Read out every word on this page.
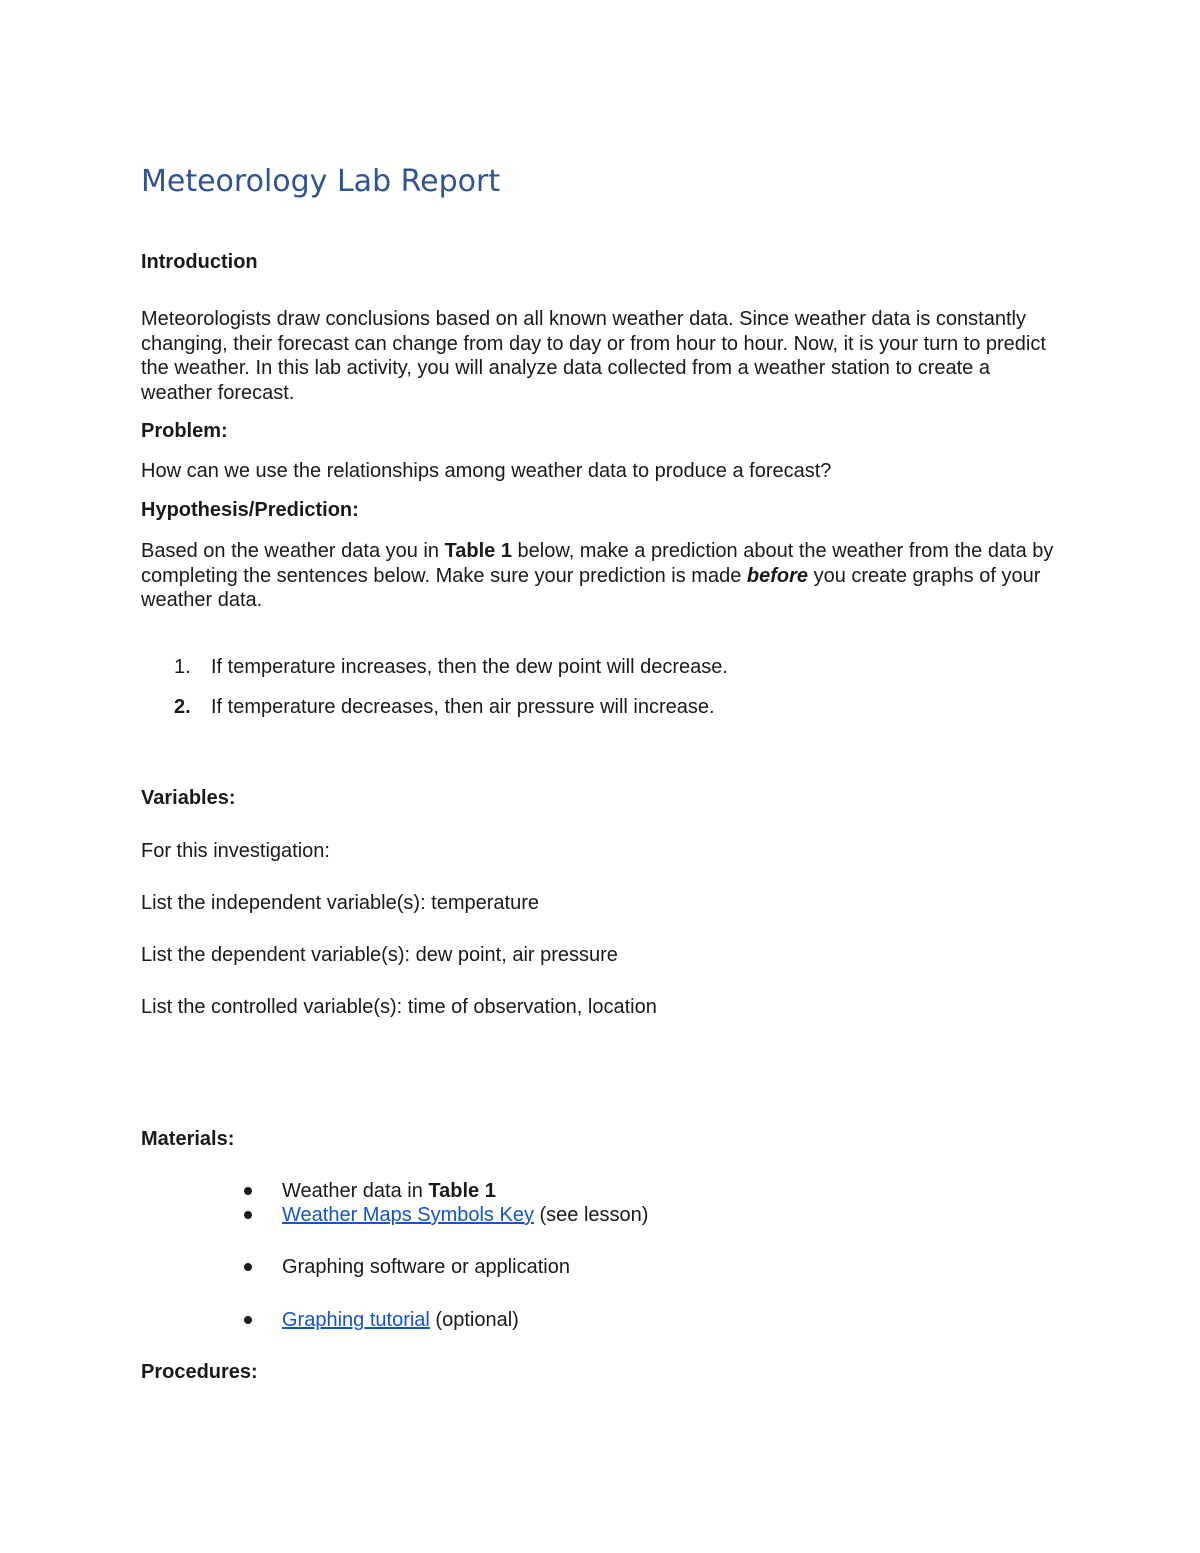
Meteorology Lab Report
Introduction

Meteorologists draw conclusions based on all known weather data. Since weather data is constantly changing, their forecast can change from day to day or from hour to hour. Now, it is your turn to predict the weather. In this lab activity, you will analyze data collected from a weather station to create a weather forecast.

Problem:

How can we use the relationships among weather data to produce a forecast?

Hypothesis/Prediction:

Based on the weather data you in Table 1 below, make a prediction about the weather from the data by completing the sentences below. Make sure your prediction is made before you create graphs of your weather data.

1. If temperature increases, then the dew point will decrease.
2. If temperature decreases, then air pressure will increase.
Variables:

For this investigation:

List the independent variable(s): temperature

List the dependent variable(s): dew point, air pressure

List the controlled variable(s): time of observation, location

Materials:
Weather data in Table 1
Weather Maps Symbols Key (see lesson)
Graphing software or application
Graphing tutorial (optional)
Procedures:
